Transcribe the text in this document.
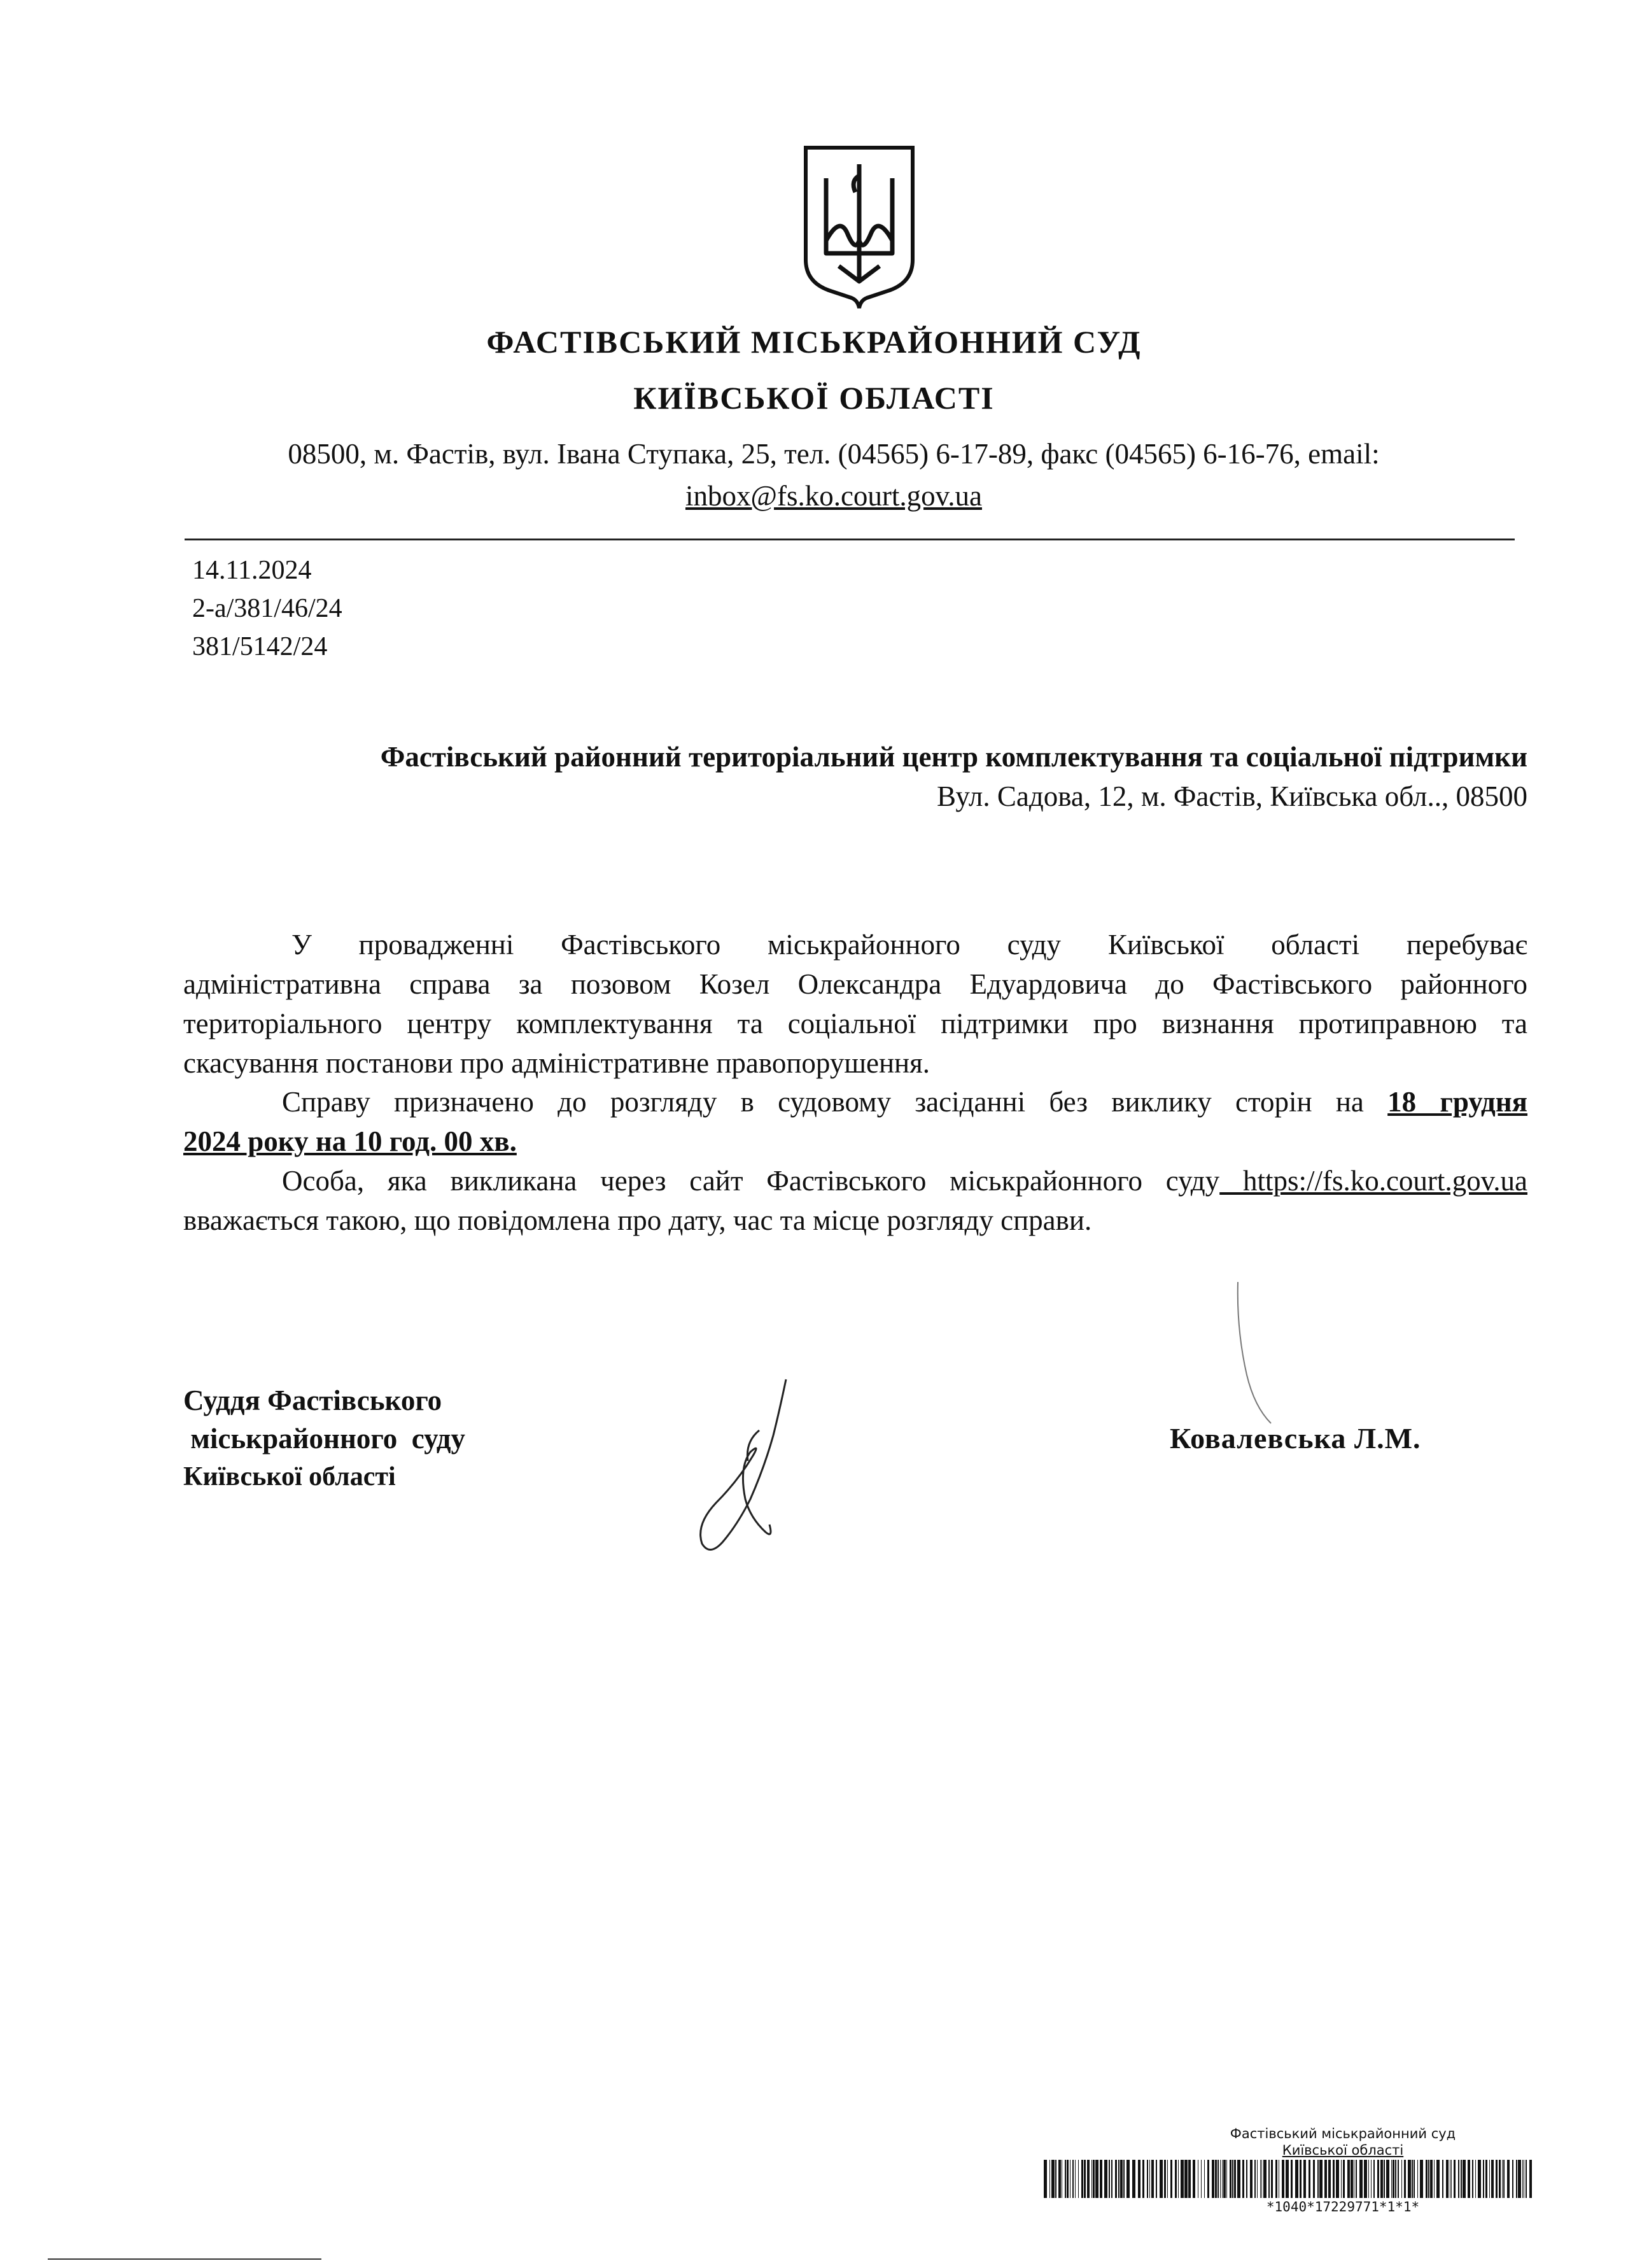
ФАСТІВСЬКИЙ МІСЬКРАЙОННИЙ СУД
КИЇВСЬКОЇ ОБЛАСТІ
08500, м. Фастів, вул. Івана Ступака, 25, тел. (04565) 6-17-89, факс (04565) 6-16-76, email:
inbox@fs.ko.court.gov.ua
14.11.2024
2-а/381/46/24
381/5142/24
Фастівський районний територіальний центр комплектування та соціальної підтримки
Вул. Садова, 12, м. Фастів, Київська обл.., 08500
У провадженні Фастівського міськрайонного суду Київської області перебуває
адміністративна справа за позовом Козел Олександра Едуардовича до Фастівського районного
територіального центру комплектування та соціальної підтримки про визнання протиправною та
скасування постанови про адміністративне правопорушення.
Справу призначено до розгляду в судовому засіданні без виклику сторін на 18 грудня
2024 року на 10 год. 00 хв.
Особа, яка викликана через сайт Фастівського міськрайонного суду https://fs.ko.court.gov.ua
вважається такою, що повідомлена про дату, час та місце розгляду справи.
Суддя Фастівського
міськрайонного  суду
Київської області
Ковалевська Л.М.
Фастівський міськрайонний суд
Київської області
*1040*17229771*1*1*
